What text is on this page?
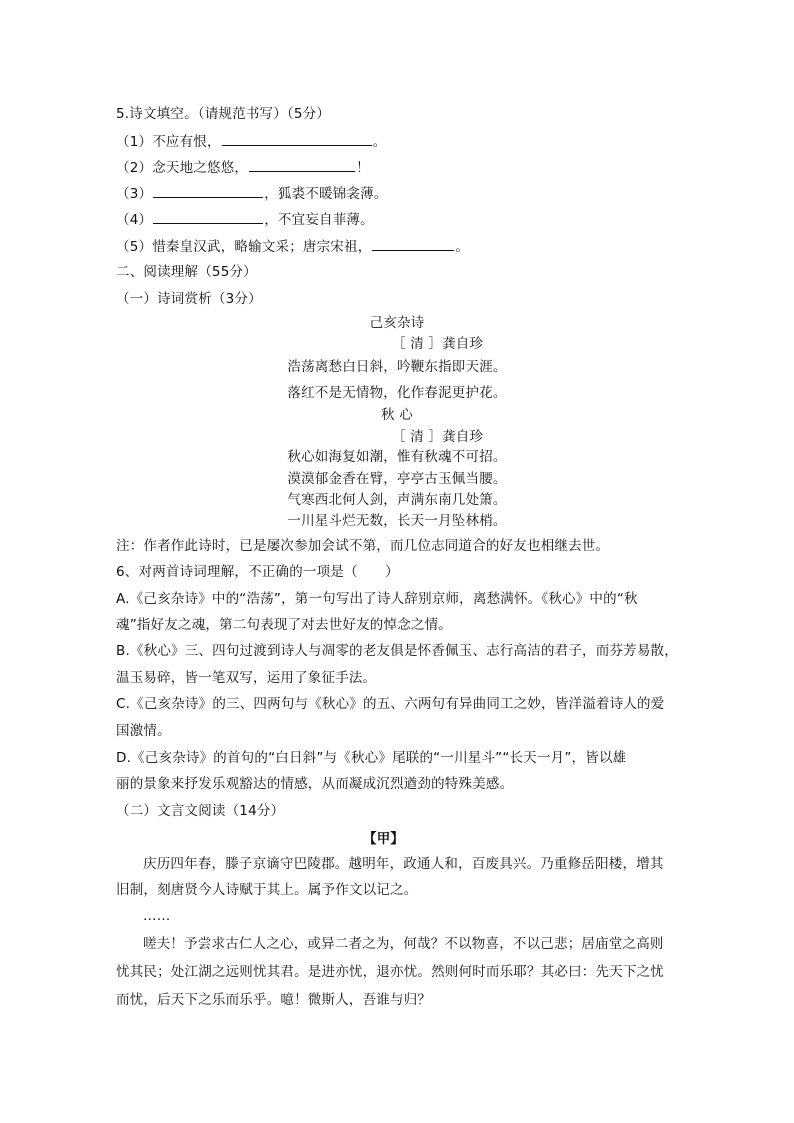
5.诗文填空。（请规范书写）（5分）
（1）不应有恨，	。
（2）念天地之悠悠，	！
（3）	，狐裘不暖锦衾薄。
（4）	，不宜妄自菲薄。
（5）惜秦皇汉武，略输文采；唐宗宋祖，	。
二、阅读理解（55分）
（一）诗词赏析（3分）
己亥杂诗
［ 清 ］龚自珍
浩荡离愁白日斜，吟鞭东指即天涯。
落红不是无情物，化作春泥更护花。
秋 心
［ 清 ］龚自珍
秋心如海复如潮，惟有秋魂不可招。
漠漠郁金香在臂，亭亭古玉佩当腰。
气寒西北何人剑，声满东南几处箫。
一川星斗烂无数，长天一月坠林梢。
注：作者作此诗时，已是屡次参加会试不第，而几位志同道合的好友也相继去世。
6、对两首诗词理解，不正确的一项是（　　）
A.《己亥杂诗》中的“浩荡”，第一句写出了诗人辞别京师，离愁满怀。《秋心》中的“秋
魂”指好友之魂，第二句表现了对去世好友的悼念之情。
B.《秋心》三、四句过渡到诗人与凋零的老友俱是怀香佩玉、志行高洁的君子，而芬芳易散，
温玉易碎，皆一笔双写，运用了象征手法。
C.《己亥杂诗》的三、四两句与《秋心》的五、六两句有异曲同工之妙，皆洋溢着诗人的爱
国激情。
D.《己亥杂诗》的首句的“白日斜”与《秋心》尾联的“一川星斗”“长天一月”，皆以雄
丽的景象来抒发乐观豁达的情感，从而凝成沉烈遒劲的特殊美感。
（二）文言文阅读（14分）
【甲】
庆历四年春，滕子京谪守巴陵郡。越明年，政通人和，百废具兴。乃重修岳阳楼，增其
旧制，刻唐贤今人诗赋于其上。属予作文以记之。
……
嗟夫！予尝求古仁人之心，或异二者之为，何哉？不以物喜，不以己悲；居庙堂之高则
忧其民；处江湖之远则忧其君。是进亦忧，退亦忧。然则何时而乐耶？其必曰：先天下之忧
而忧，后天下之乐而乐乎。噫！微斯人，吾谁与归？
